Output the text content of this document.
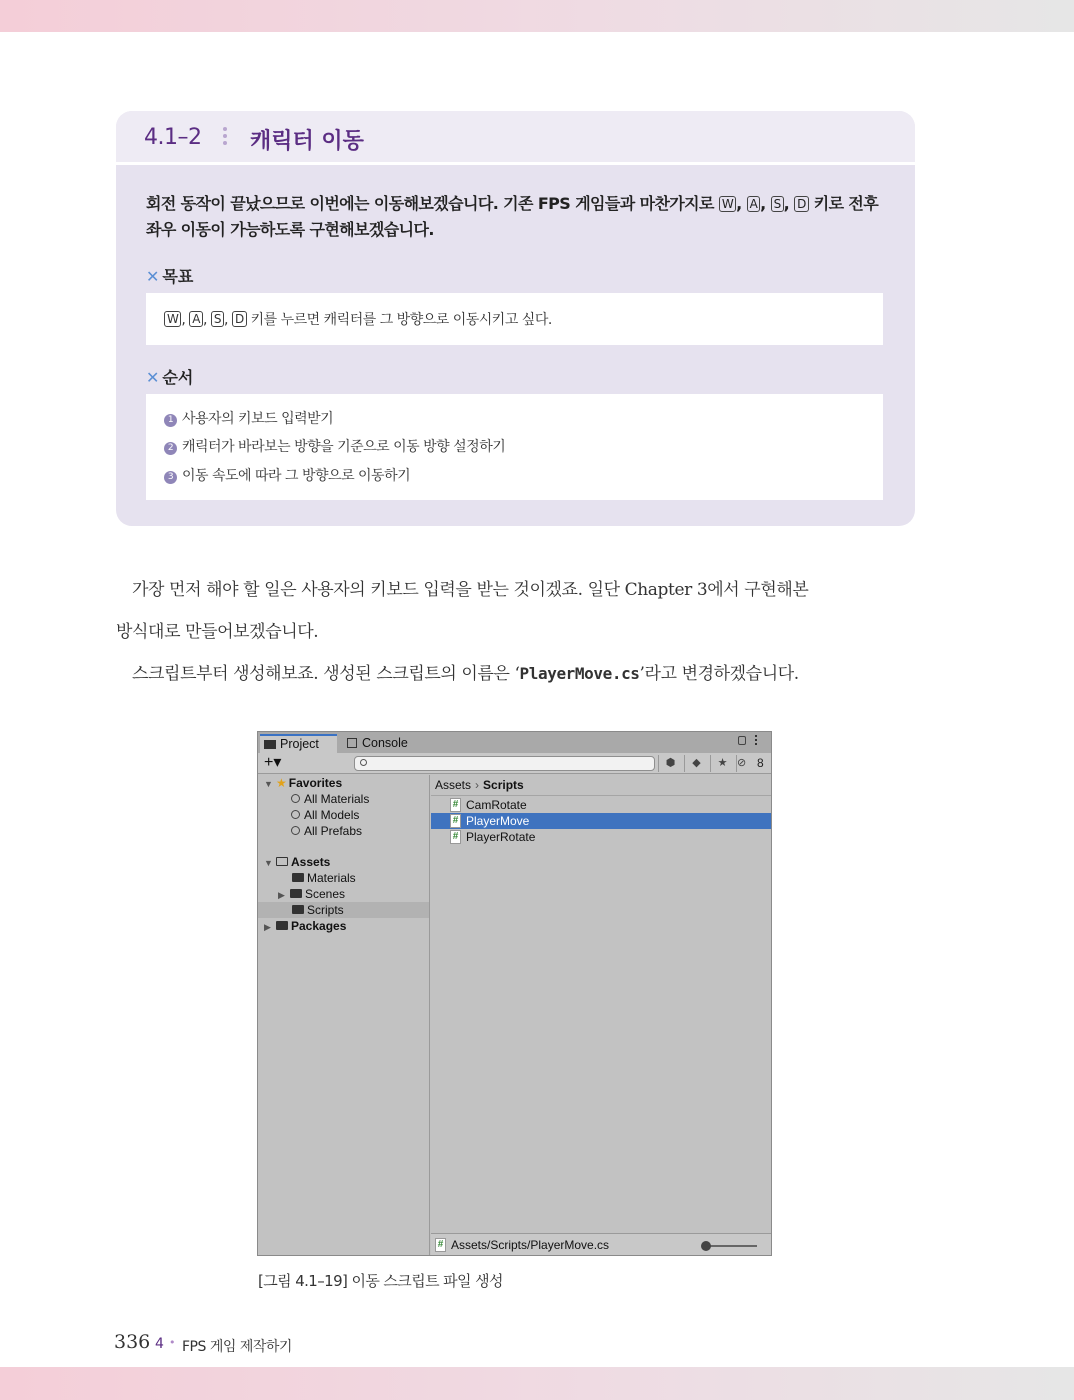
4.1–2 캐릭터 이동
회전 동작이 끝났으므로 이번에는 이동해보겠습니다. 기존 FPS 게임들과 마찬가지로 W , A , S , D 키로 전후좌우 이동이 가능하도록 구현해보겠습니다.
✕ 목표
W , A , S , D 키를 누르면 캐릭터를 그 방향으로 이동시키고 싶다.
✕ 순서
1 사용자의 키보드 입력받기
2 캐릭터가 바라보는 방향을 기준으로 이동 방향 설정하기
3 이동 속도에 따라 그 방향으로 이동하기
가장 먼저 해야 할 일은 사용자의 키보드 입력을 받는 것이겠죠. 일단 Chapter 3에서 구현해본
방식대로 만들어보겠습니다.
스크립트부터 생성해보죠. 생성된 스크립트의 이름은 ‘PlayerMove.cs’라고 변경하겠습니다.
Project	Console
+▾	⬢	◆	★ ⊘ 8
▼ ★ Favorites
All Materials
All Models
All Prefabs
▼ Assets
Materials
▶ Scenes
Scripts
▶ Packages
Assets › Scripts
# CamRotate
# PlayerMove
# PlayerRotate
# Assets/Scripts/PlayerMove.cs
[그림 4.1–19] 이동 스크립트 파일 생성
336 4 • FPS 게임 제작하기
